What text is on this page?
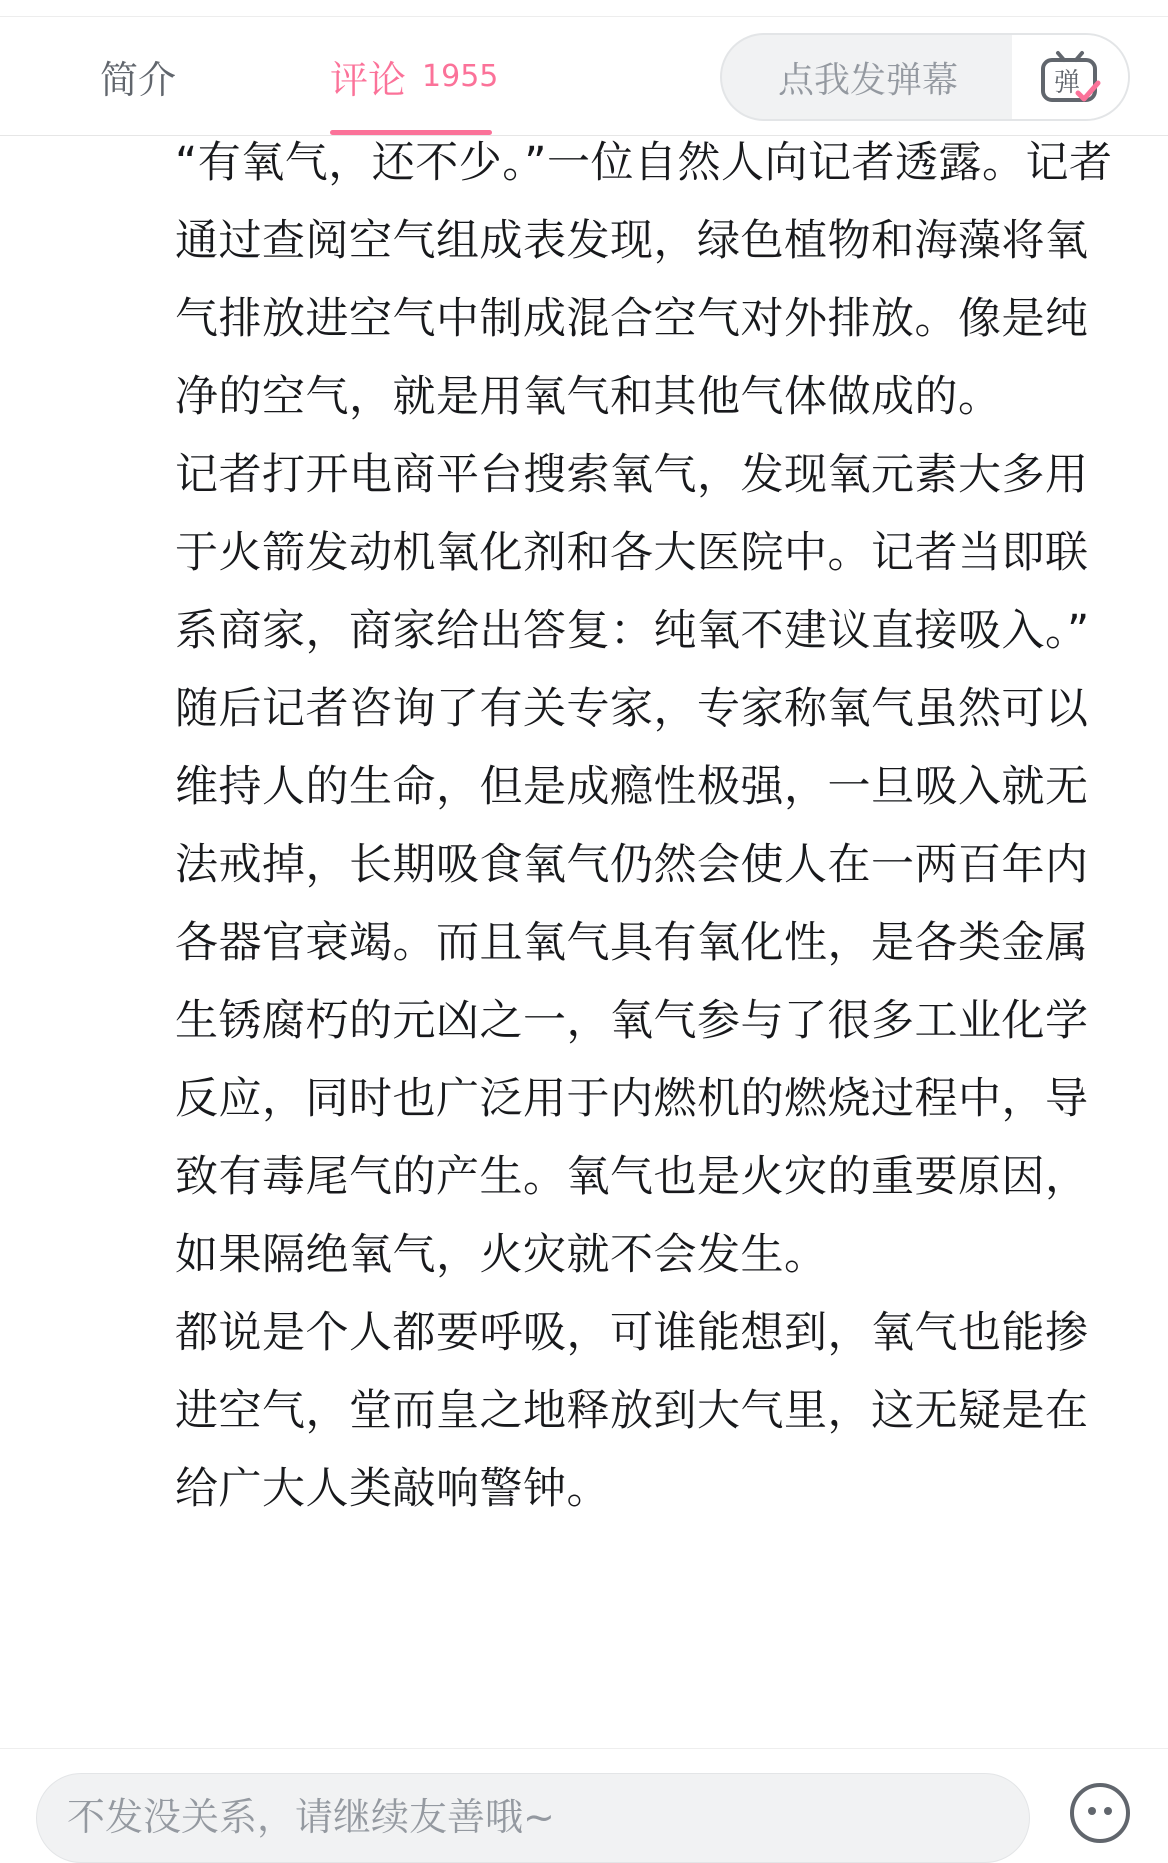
简介	评论 1955	点我发弹幕	弹

“有氧气，还不少。”一位自然人向记者透露。记者通过查阅空气组成表发现，绿色植物和海藻将氧气排放进空气中制成混合空气对外排放。像是纯净的空气，就是用氧气和其他气体做成的。

记者打开电商平台搜索氧气，发现氧元素大多用于火箭发动机氧化剂和各大医院中。记者当即联系商家，商家给出答复：纯氧不建议直接吸入。”

随后记者咨询了有关专家，专家称氧气虽然可以维持人的生命，但是成瘾性极强，一旦吸入就无法戒掉，长期吸食氧气仍然会使人在一两百年内各器官衰竭。而且氧气具有氧化性，是各类金属生锈腐朽的元凶之一，氧气参与了很多工业化学反应，同时也广泛用于内燃机的燃烧过程中，导致有毒尾气的产生。氧气也是火灾的重要原因，如果隔绝氧气，火灾就不会发生。

都说是个人都要呼吸，可谁能想到，氧气也能掺进空气，堂而皇之地释放到大气里，这无疑是在给广大人类敲响警钟。

不发没关系，请继续友善哦~
